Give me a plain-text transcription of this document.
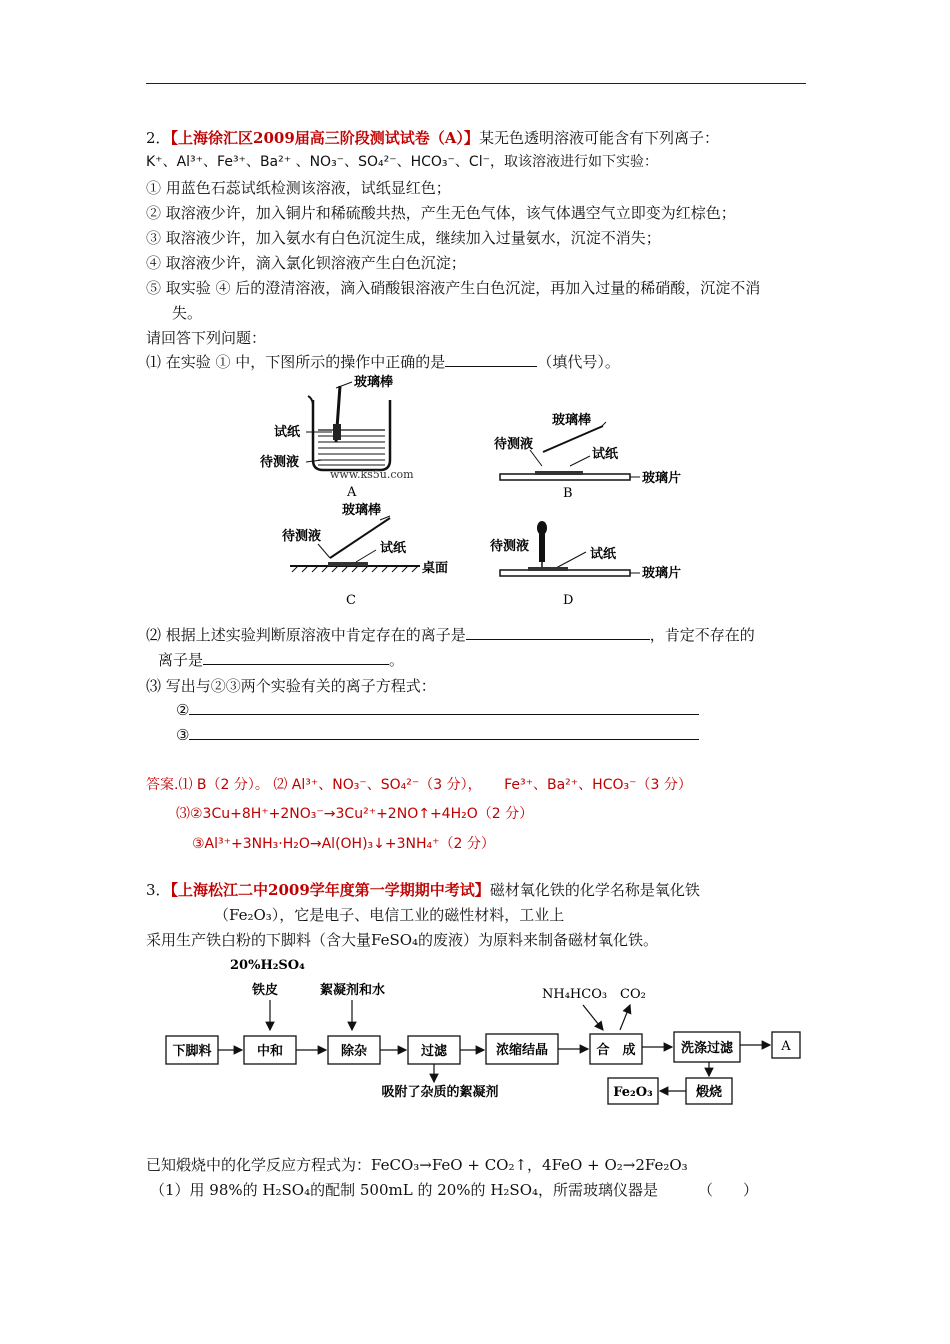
2．【上海徐汇区2009届高三阶段测试试卷（A）】某无色透明溶液可能含有下列离子：
K⁺、Al³⁺、Fe³⁺、Ba²⁺ 、NO₃⁻、SO₄²⁻、HCO₃⁻、Cl⁻，取该溶液进行如下实验：
① 用蓝色石蕊试纸检测该溶液，试纸显红色；
② 取溶液少许，加入铜片和稀硫酸共热，产生无色气体，该气体遇空气立即变为红棕色；
③ 取溶液少许，加入氨水有白色沉淀生成，继续加入过量氨水，沉淀不消失；
④ 取溶液少许，滴入氯化钡溶液产生白色沉淀；
⑤ 取实验 ④ 后的澄清溶液，滴入硝酸银溶液产生白色沉淀，再加入过量的稀硝酸，沉淀不消
失。
请回答下列问题：
⑴ 在实验 ① 中，下图所示的操作中正确的是	（填代号）。
玻璃棒
试纸
待测液
www.ks5u.com
A
玻璃棒
待测液
试纸
玻璃片
B
玻璃棒
待测液
试纸
桌面
C
待测液
试纸
玻璃片
D
⑵ 根据上述实验判断原溶液中肯定存在的离子是	，肯定不存在的
离子是	。
⑶ 写出与②③两个实验有关的离子方程式：
②
③
答案.⑴ B（2 分）。 ⑵ Al³⁺、NO₃⁻、SO₄²⁻（3 分）， Fe³⁺、Ba²⁺、HCO₃⁻（3 分）
⑶②3Cu+8H⁺+2NO₃⁻→3Cu²⁺+2NO↑+4H₂O（2 分）
③Al³⁺+3NH₃·H₂O→Al(OH)₃↓+3NH₄⁺（2 分）
3．【上海松江二中2009学年度第一学期期中考试】磁材氧化铁的化学名称是氧化铁
（Fe₂O₃），它是电子、电信工业的磁性材料，工业上
采用生产铁白粉的下脚料（含大量FeSO₄的废液）为原料来制备磁材氧化铁。
20%H₂SO₄
铁皮	絮凝剂和水	NH₄HCO₃ CO₂
下脚料	中和	除杂	过滤	浓缩结晶	合　成	洗涤过滤	A
Fe₂O₃	煅烧
吸附了杂质的絮凝剂
已知煅烧中的化学反应方程式为：FeCO₃→FeO + CO₂↑，4FeO + O₂→2Fe₂O₃
（1）用 98%的 H₂SO₄的配制 500mL 的 20%的 H₂SO₄，所需玻璃仪器是	（　　）
